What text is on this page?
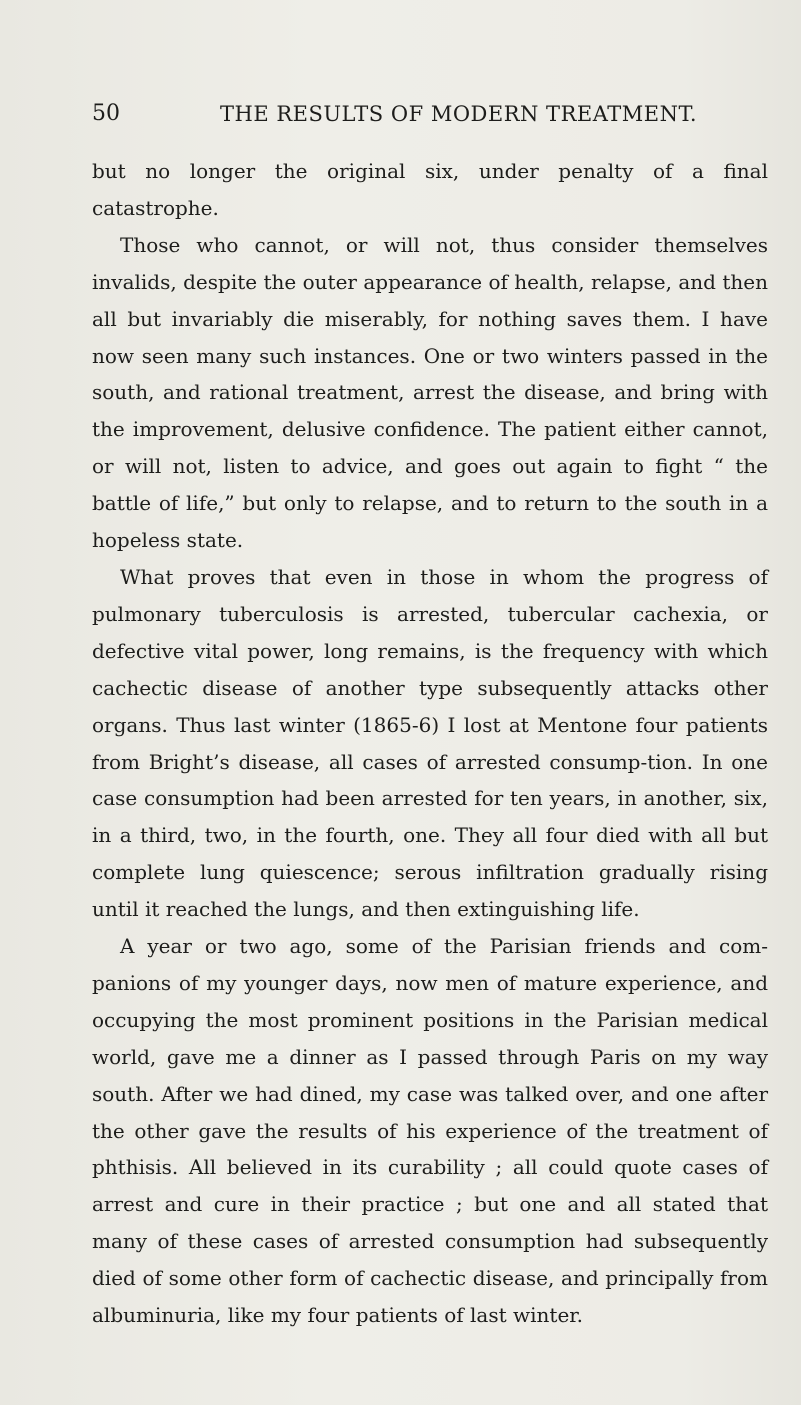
50	THE RESULTS OF MODERN TREATMENT.

but no longer the original six, under penalty of a final catastrophe.

Those who cannot, or will not, thus consider themselves invalids, despite the outer appearance of health, relapse, and then all but invariably die miserably, for nothing saves them. I have now seen many such instances. One or two winters passed in the south, and rational treatment, arrest the disease, and bring with the improvement, delusive confidence. The patient either cannot, or will not, listen to advice, and goes out again to fight “ the battle of life,” but only to relapse, and to return to the south in a hopeless state.

What proves that even in those in whom the progress of pulmonary tuberculosis is arrested, tubercular cachexia, or defective vital power, long remains, is the frequency with which cachectic disease of another type subsequently attacks other organs. Thus last winter (1865-6) I lost at Mentone four patients from Bright’s disease, all cases of arrested consump-tion. In one case consumption had been arrested for ten years, in another, six, in a third, two, in the fourth, one. They all four died with all but complete lung quiescence; serous infiltration gradually rising until it reached the lungs, and then extinguishing life.

A year or two ago, some of the Parisian friends and com-panions of my younger days, now men of mature experience, and occupying the most prominent positions in the Parisian medical world, gave me a dinner as I passed through Paris on my way south. After we had dined, my case was talked over, and one after the other gave the results of his experience of the treatment of phthisis. All believed in its curability ; all could quote cases of arrest and cure in their practice ; but one and all stated that many of these cases of arrested consumption had subsequently died of some other form of cachectic disease, and principally from albuminuria, like my four patients of last winter.
